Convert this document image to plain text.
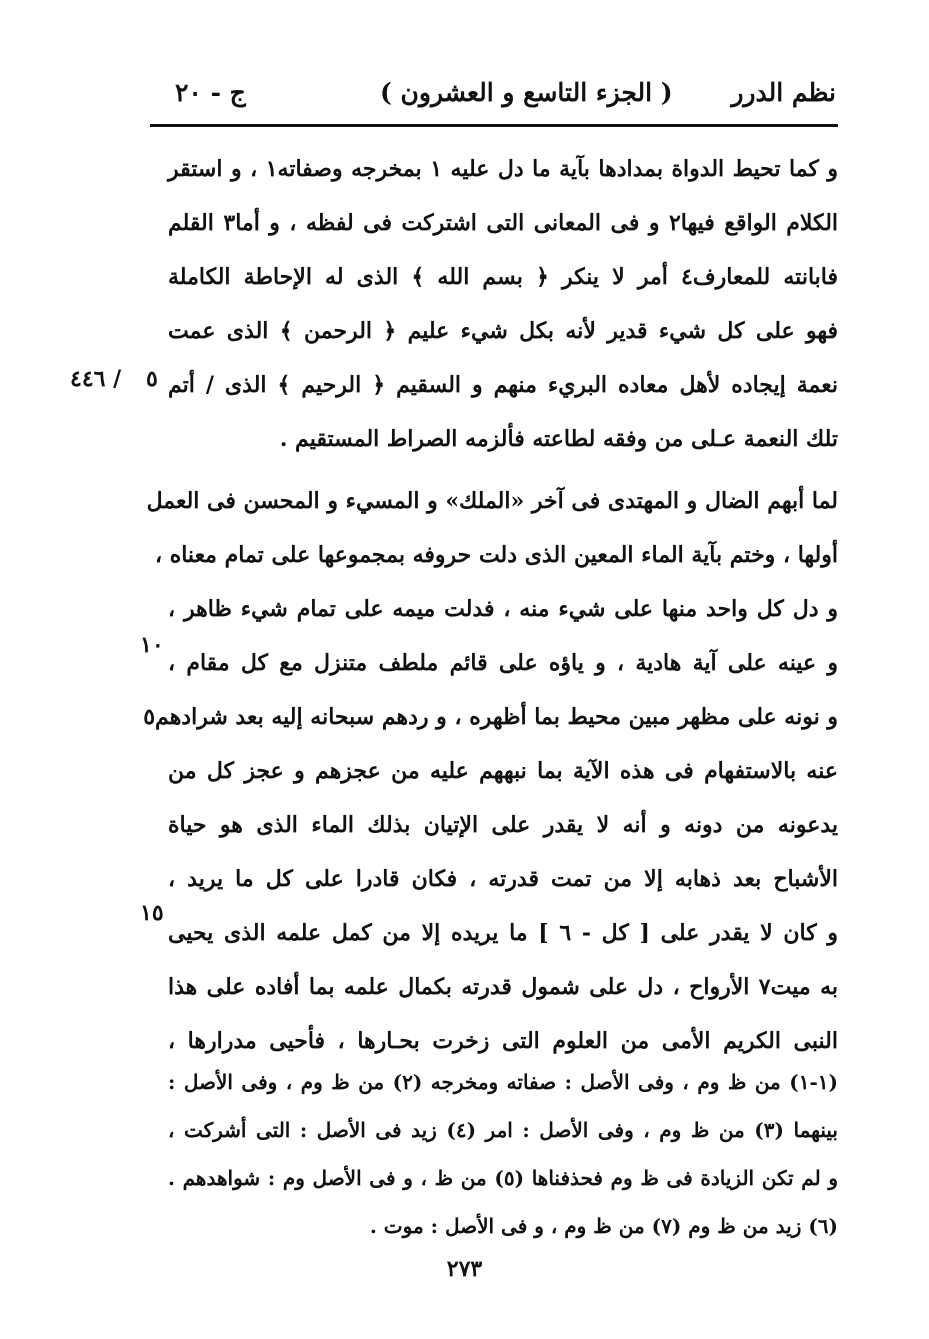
نظم الدرر
( الجزء التاسع و العشرون )
ج - ٢٠
و كما تحيط الدواة بمدادها بآية ما دل عليه ١ بمخرجه وصفاته١ ، و استقر
الكلام الواقع فيها٢ و فى المعانى التى اشتركت فى لفظه ، و أما٣ القلم
فابانته للمعارف٤ أمر لا ينكر ﴿ بسم الله ﴾ الذى له الإحاطة الكاملة
فهو على كل شيء قدير لأنه بكل شيء عليم ﴿ الرحمن ﴾ الذى عمت
نعمة إيجاده لأهل معاده البريء منهم و السقيم ﴿ الرحيم ﴾ الذى / أتم
تلك النعمة عـلى من وفقه لطاعته فألزمه الصراط المستقيم .
لما أبهم الضال و المهتدى فى آخر «الملك» و المسيء و المحسن فى العمل
أولها ، وختم بآية الماء المعين الذى دلت حروفه بمجموعها على تمام معناه ،
و دل كل واحد منها على شيء منه ، فدلت ميمه على تمام شيء ظاهر ،
و عينه على آية هادية ، و ياؤه على قائم ملطف متنزل مع كل مقام ،
و نونه على مظهر مبين محيط بما أظهره ، و ردهم سبحانه إليه بعد شرادهم٥
عنه بالاستفهام فى هذه الآية بما نبههم عليه من عجزهم و عجز كل من
يدعونه من دونه و أنه لا يقدر على الإتيان بذلك الماء الذى هو حياة
الأشباح بعد ذهابه إلا من تمت قدرته ، فكان قادرا على كل ما يريد ،
و كان لا يقدر على [ كل - ٦ ] ما يريده إلا من كمل علمه الذى يحيى
به ميت٧ الأرواح ، دل على شمول قدرته بكمال علمه بما أفاده على هذا
النبى الكريم الأمى من العلوم التى زخرت بحـارها ، فأحيى مدرارها ،
٥
٤٤٦ /
١٠
١٥
(١-١) من ظ وم ، وفى الأصل : صفاته ومخرجه (٢) من ظ وم ، وفى الأصل :
بينهما (٣) من ظ وم ، وفى الأصل : امر (٤) زيد فى الأصل : التى أشركت ،
و لم تكن الزيادة فى ظ وم فحذفناها (٥) من ظ ، و فى الأصل وم : شواهدهم .
(٦) زيد من ظ وم (٧) من ظ وم ، و فى الأصل : موت .
٢٧٣
